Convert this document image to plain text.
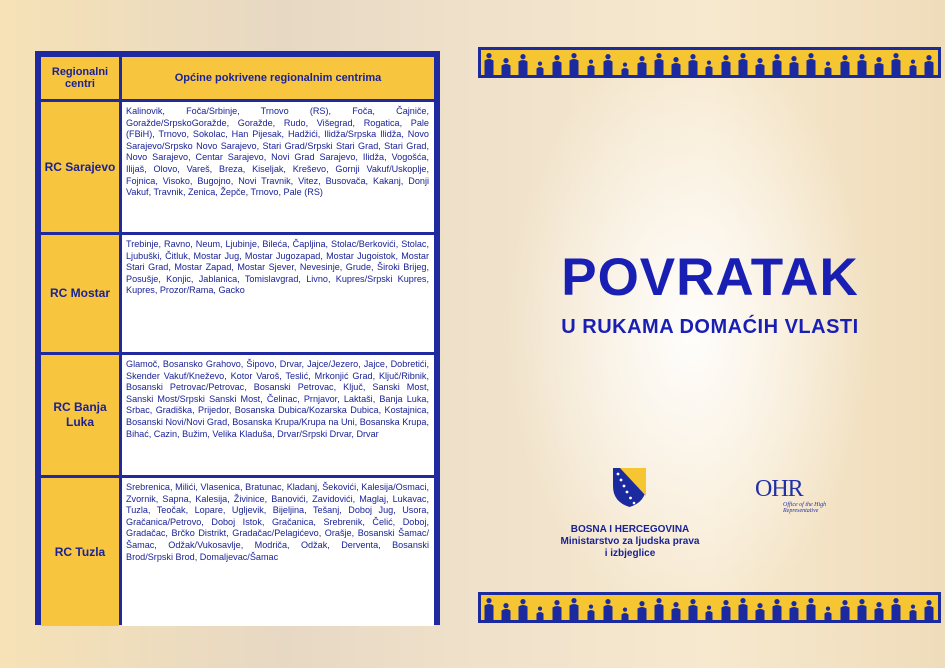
Regionalni centri	Općine pokrivene regionalnim centrima
RC Sarajevo	Kalinovik, Foča/Srbinje, Trnovo (RS), Foča, Čajniče, Goražde/SrpskoGoražde, Goražde, Rudo, Višegrad, Rogatica, Pale (FBiH), Trnovo, Sokolac, Han Pijesak, Hadžići, Ilidža/Srpska Ilidža, Novo Sarajevo/Srpsko Novo Sarajevo, Stari Grad/Srpski Stari Grad, Stari Grad, Novo Sarajevo, Centar Sarajevo, Novi Grad Sarajevo, Ilidža, Vogošća, Ilijaš, Olovo, Vareš, Breza, Kiseljak, Kreševo, Gornji Vakuf/Uskoplje, Fojnica, Visoko, Bugojno, Novi Travnik, Vitez, Busovača, Kakanj, Donji Vakuf, Travnik, Zenica, Žepče, Trnovo, Pale (RS)
RC Mostar	Trebinje, Ravno, Neum, Ljubinje, Bileća, Čapljina, Stolac/Berkovići, Stolac, Ljubuški, Čitluk, Mostar Jug, Mostar Jugozapad, Mostar Jugoistok, Mostar Stari Grad, Mostar Zapad, Mostar Sjever, Nevesinje, Grude, Široki Brijeg, Posušje, Konjic, Jablanica, Tomislavgrad, Livno, Kupres/Srpski Kupres, Kupres, Prozor/Rama, Gacko
RC Banja Luka	Glamoč, Bosansko Grahovo, Šipovo, Drvar, Jajce/Jezero, Jajce, Dobretići, Skender Vakuf/Kneževo, Kotor Varoš, Teslić, Mrkonjić Grad, Ključ/Ribnik, Bosanski Petrovac/Petrovac, Bosanski Petrovac, Ključ, Sanski Most, Sanski Most/Srpski Sanski Most, Čelinac, Prnjavor, Laktaši, Banja Luka, Srbac, Gradiška, Prijedor, Bosanska Dubica/Kozarska Dubica, Kostajnica, Bosanski Novi/Novi Grad, Bosanska Krupa/Krupa na Uni, Bosanska Krupa, Bihać, Cazin, Bužim, Velika Kladuša, Drvar/Srpski Drvar, Drvar
RC Tuzla	Srebrenica, Milići, Vlasenica, Bratunac, Kladanj, Šekovići, Kalesija/Osmaci, Zvornik, Sapna, Kalesija, Živinice, Banovići, Zavidovići, Maglaj, Lukavac, Tuzla, Teočak, Lopare, Ugljevik, Bijeljina, Tešanj, Doboj Jug, Usora, Gračanica/Petrovo, Doboj Istok, Gračanica, Srebrenik, Čelić, Doboj, Gradačac, Brčko Distrikt, Gradačac/Pelagićevo, Orašje, Bosanski Šamac/Šamac, Odžak/Vukosavlje, Modriča, Odžak, Derventa, Bosanski Brod/Srpski Brod, Domaljevac/Šamac
POVRATAK
U RUKAMA DOMAĆIH VLASTI
BOSNA I HERCEGOVINA
Ministarstvo za ljudska prava
i izbjeglice
OHR
Office of the High Representative
